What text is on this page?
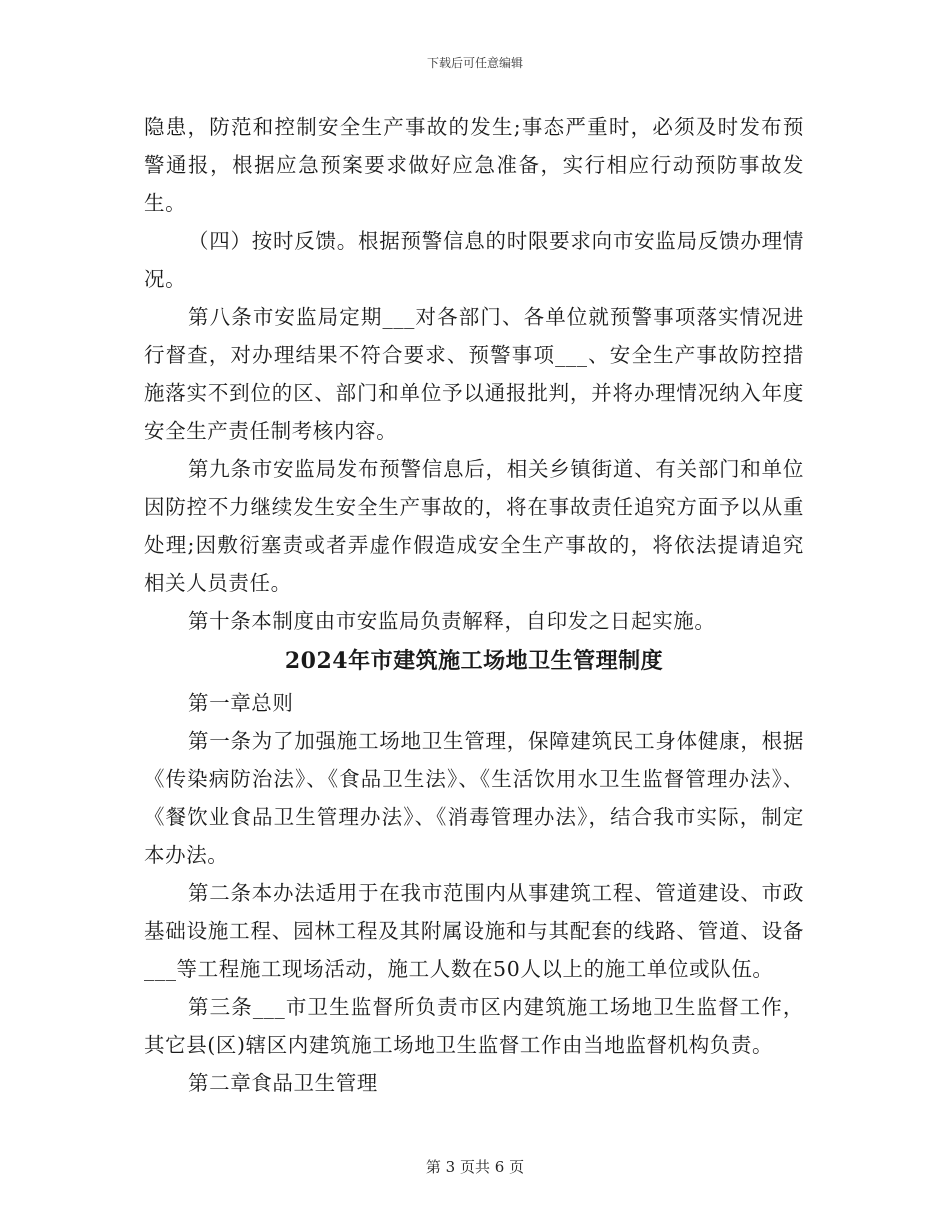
下载后可任意编辑

隐患，防范和控制安全生产事故的发生;事态严重时，必须及时发布预警通报，根据应急预案要求做好应急准备，实行相应行动预防事故发生。

（四）按时反馈。根据预警信息的时限要求向市安监局反馈办理情况。

第八条市安监局定期___对各部门、各单位就预警事项落实情况进行督查，对办理结果不符合要求、预警事项___、安全生产事故防控措施落实不到位的区、部门和单位予以通报批判，并将办理情况纳入年度安全生产责任制考核内容。

第九条市安监局发布预警信息后，相关乡镇街道、有关部门和单位因防控不力继续发生安全生产事故的，将在事故责任追究方面予以从重处理;因敷衍塞责或者弄虚作假造成安全生产事故的，将依法提请追究相关人员责任。

第十条本制度由市安监局负责解释，自印发之日起实施。

2024年市建筑施工场地卫生管理制度

第一章总则

第一条为了加强施工场地卫生管理，保障建筑民工身体健康，根据《传染病防治法》、《食品卫生法》、《生活饮用水卫生监督管理办法》、《餐饮业食品卫生管理办法》、《消毒管理办法》，结合我市实际，制定本办法。

第二条本办法适用于在我市范围内从事建筑工程、管道建设、市政基础设施工程、园林工程及其附属设施和与其配套的线路、管道、设备___等工程施工现场活动，施工人数在50人以上的施工单位或队伍。

第三条___市卫生监督所负责市区内建筑施工场地卫生监督工作，其它县(区)辖区内建筑施工场地卫生监督工作由当地监督机构负责。

第二章食品卫生管理

第 3 页共 6 页
